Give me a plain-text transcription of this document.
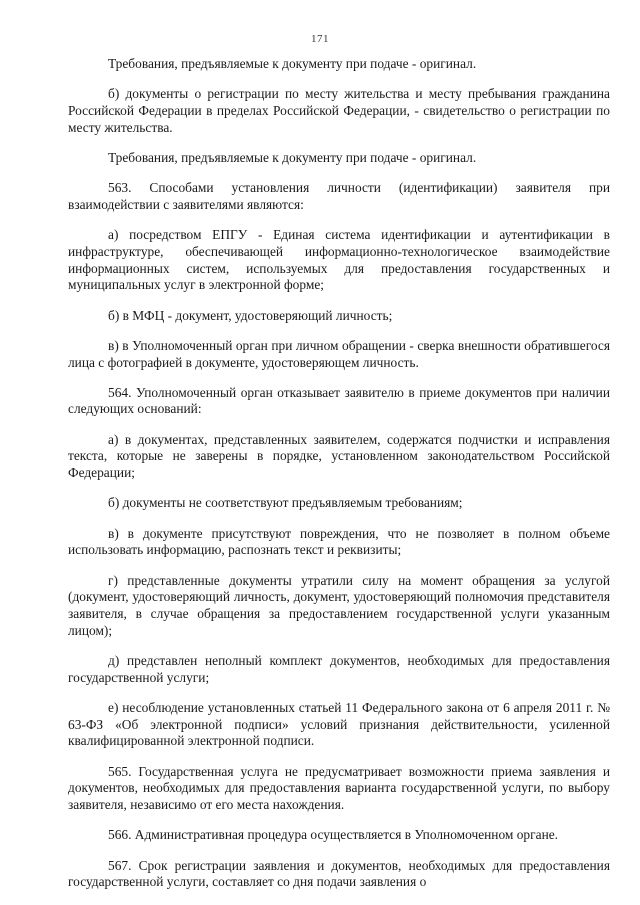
171

Требования, предъявляемые к документу при подаче - оригинал.

б) документы о регистрации по месту жительства и месту пребывания гражданина Российской Федерации в пределах Российской Федерации, - свидетельство о регистрации по месту жительства.

Требования, предъявляемые к документу при подаче - оригинал.

563. Способами установления личности (идентификации) заявителя при взаимодействии с заявителями являются:

а) посредством ЕПГУ - Единая система идентификации и аутентификации в инфраструктуре, обеспечивающей информационно-технологическое взаимодействие информационных систем, используемых для предоставления государственных и муниципальных услуг в электронной форме;

б) в МФЦ - документ, удостоверяющий личность;

в) в Уполномоченный орган при личном обращении - сверка внешности обратившегося лица с фотографией в документе, удостоверяющем личность.

564. Уполномоченный орган отказывает заявителю в приеме документов при наличии следующих оснований:

а) в документах, представленных заявителем, содержатся подчистки и исправления текста, которые не заверены в порядке, установленном законодательством Российской Федерации;

б) документы не соответствуют предъявляемым требованиям;

в) в документе присутствуют повреждения, что не позволяет в полном объеме использовать информацию, распознать текст и реквизиты;

г) представленные документы утратили силу на момент обращения за услугой (документ, удостоверяющий личность, документ, удостоверяющий полномочия представителя заявителя, в случае обращения за предоставлением государственной услуги указанным лицом);

д) представлен неполный комплект документов, необходимых для предоставления государственной услуги;

е) несоблюдение установленных статьей 11 Федерального закона от 6 апреля 2011 г. № 63-ФЗ «Об электронной подписи» условий признания действительности, усиленной квалифицированной электронной подписи.

565. Государственная услуга не предусматривает возможности приема заявления и документов, необходимых для предоставления варианта государственной услуги, по выбору заявителя, независимо от его места нахождения.

566. Административная процедура осуществляется в Уполномоченном органе.

567. Срок регистрации заявления и документов, необходимых для предоставления государственной услуги, составляет со дня подачи заявления о
